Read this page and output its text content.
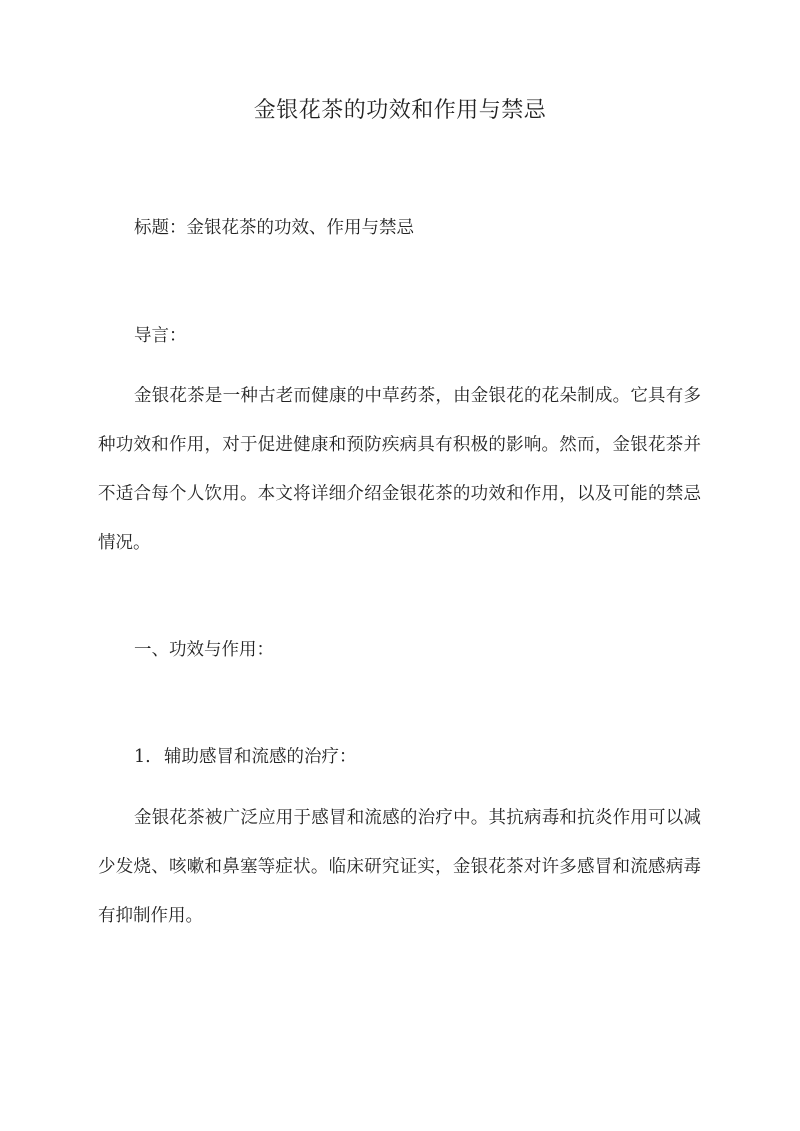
金银花茶的功效和作用与禁忌
标题：金银花茶的功效、作用与禁忌
导言：

金银花茶是一种古老而健康的中草药茶，由金银花的花朵制成。它具有多种功效和作用，对于促进健康和预防疾病具有积极的影响。然而，金银花茶并不适合每个人饮用。本文将详细介绍金银花茶的功效和作用，以及可能的禁忌情况。

一、功效与作用：
1. 辅助感冒和流感的治疗：

金银花茶被广泛应用于感冒和流感的治疗中。其抗病毒和抗炎作用可以减少发烧、咳嗽和鼻塞等症状。临床研究证实，金银花茶对许多感冒和流感病毒有抑制作用。
